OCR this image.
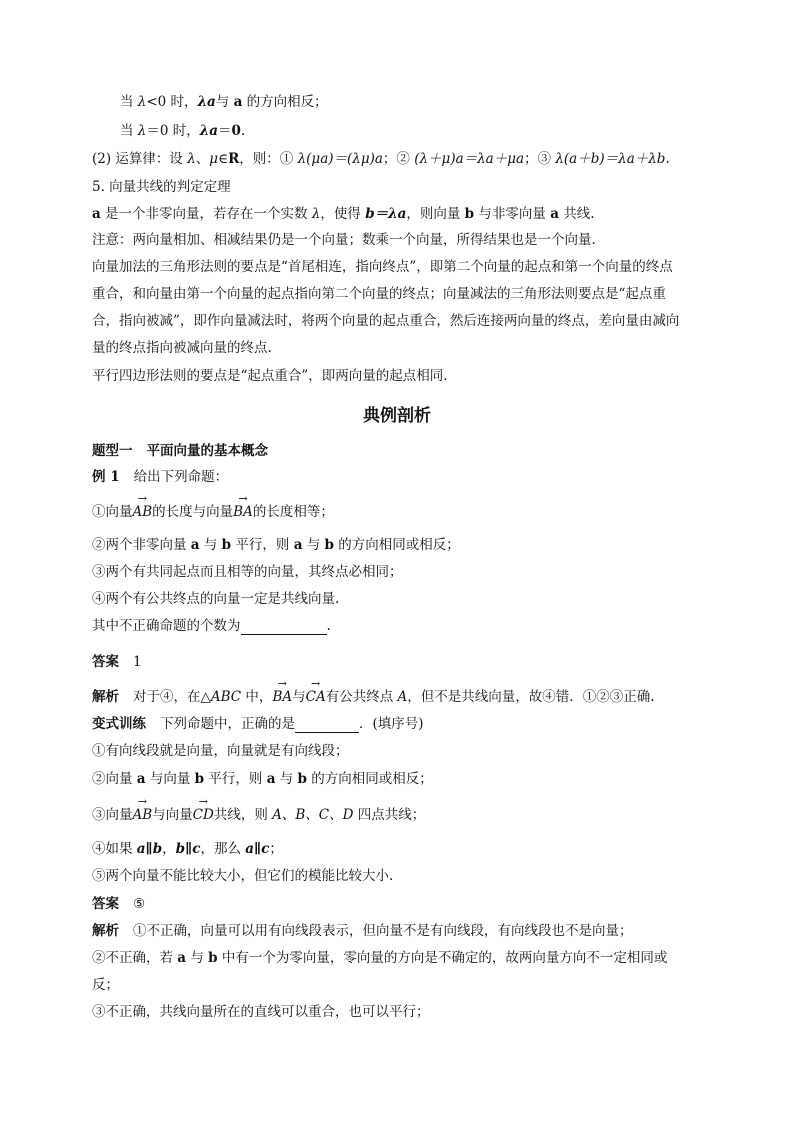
当 λ<0 时，λa与 a 的方向相反；
当 λ＝0 时，λa＝0.
(2) 运算律：设 λ、μ∈R，则：① λ(μa)＝(λμ)a；② (λ＋μ)a＝λa＋μa；③ λ(a＋b)＝λa＋λb.
5. 向量共线的判定定理
a 是一个非零向量，若存在一个实数 λ，使得 b＝λa，则向量 b 与非零向量 a 共线.
注意：两向量相加、相减结果仍是一个向量；数乘一个向量，所得结果也是一个向量.
向量加法的三角形法则的要点是“首尾相连，指向终点”，即第二个向量的起点和第一个向量的终点
重合，和向量由第一个向量的起点指向第二个向量的终点；向量减法的三角形法则要点是“起点重
合，指向被减”，即作向量减法时，将两个向量的起点重合，然后连接两向量的终点，差向量由减向
量的终点指向被减向量的终点.
平行四边形法则的要点是“起点重合”，即两向量的起点相同.
典例剖析
题型一 平面向量的基本概念
例 1 给出下列命题：
①向量→ AB的长度与向量→ BA的长度相等；
②两个非零向量 a 与 b 平行，则 a 与 b 的方向相同或相反；
③两个有共同起点而且相等的向量，其终点必相同；
④两个有公共终点的向量一定是共线向量.
其中不正确命题的个数为	.
答案 1
解析 对于④，在△ABC 中，→ BA与→ CA有公共终点 A，但不是共线向量，故④错．①②③正确.
变式训练 下列命题中，正确的是	．(填序号)
①有向线段就是向量，向量就是有向线段；
②向量 a 与向量 b 平行，则 a 与 b 的方向相同或相反；
③向量→ AB与向量→ CD共线，则 A、B、C、D 四点共线；
④如果 a∥b，b∥c，那么 a∥c；
⑤两个向量不能比较大小，但它们的模能比较大小.
答案 ⑤
解析 ①不正确，向量可以用有向线段表示，但向量不是有向线段，有向线段也不是向量；
②不正确，若 a 与 b 中有一个为零向量，零向量的方向是不确定的，故两向量方向不一定相同或
反；
③不正确，共线向量所在的直线可以重合，也可以平行；
